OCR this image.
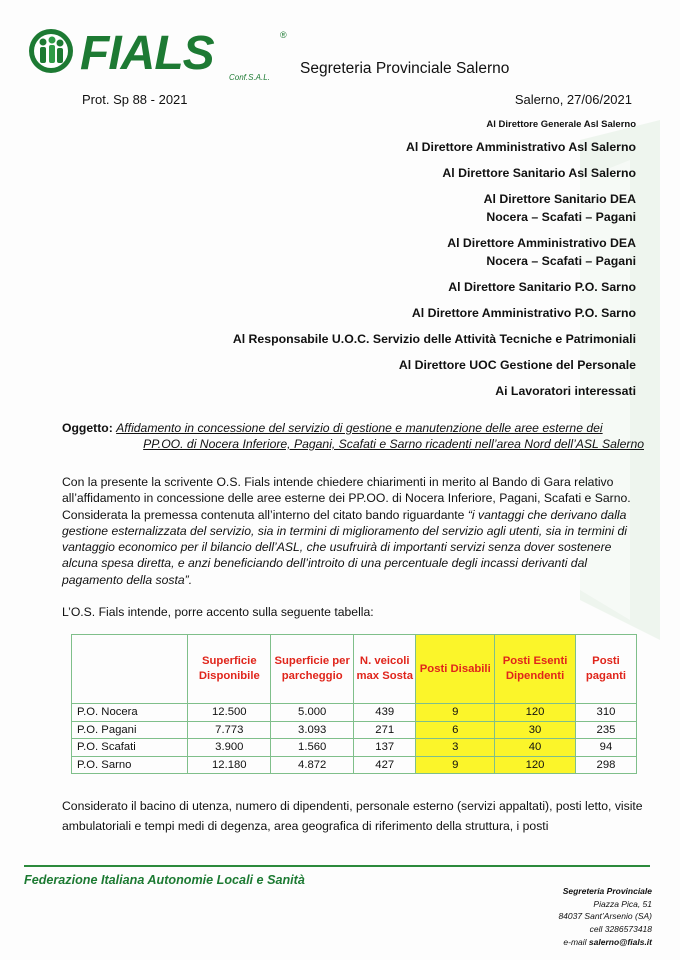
FIALS	®
Conf.S.A.L.
Segreteria Provinciale Salerno
Prot. Sp 88 - 2021	Salerno, 27/06/2021
Al Direttore Generale Asl Salerno
Al Direttore Amministrativo Asl Salerno
Al Direttore Sanitario Asl Salerno
Al Direttore Sanitario DEA
Nocera – Scafati – Pagani
Al Direttore Amministrativo DEA
Nocera – Scafati – Pagani
Al Direttore Sanitario P.O. Sarno
Al Direttore Amministrativo P.O. Sarno
Al Responsabile U.O.C. Servizio delle Attività Tecniche e Patrimoniali
Al Direttore UOC Gestione del Personale
Ai Lavoratori interessati
Oggetto: Affidamento in concessione del servizio di gestione e manutenzione delle aree esterne dei
PP.OO. di Nocera Inferiore, Pagani, Scafati e Sarno ricadenti nell’area Nord dell’ASL Salerno
Con la presente la scrivente O.S. Fials intende chiedere chiarimenti in merito al Bando di Gara relativo all’affidamento in concessione delle aree esterne dei PP.OO. di Nocera Inferiore, Pagani, Scafati e Sarno. Considerata la premessa contenuta all’interno del citato bando riguardante “i vantaggi che derivano dalla gestione esternalizzata del servizio, sia in termini di miglioramento del servizio agli utenti, sia in termini di vantaggio economico per il bilancio dell’ASL, che usufruirà di importanti servizi senza dover sostenere alcuna spesa diretta, e anzi beneficiando dell’introito di una percentuale degli incassi derivanti dal pagamento della sosta”.
L’O.S. Fials intende, porre accento sulla seguente tabella:
	Superficie Disponibile	Superficie per parcheggio	N. veicoli max Sosta	Posti Disabili	Posti Esenti Dipendenti	Posti paganti
P.O. Nocera	12.500	5.000	439	9	120	310
P.O. Pagani	7.773	3.093	271	6	30	235
P.O. Scafati	3.900	1.560	137	3	40	94
P.O. Sarno	12.180	4.872	427	9	120	298
Considerato il bacino di utenza, numero di dipendenti, personale esterno (servizi appaltati), posti letto, visite ambulatoriali e tempi medi di degenza, area geografica di riferimento della struttura, i posti
Federazione Italiana Autonomie Locali e Sanità
Segreteria Provinciale
Piazza Pica, 51
84037 Sant’Arsenio (SA)
cell 3286573418
e-mail salerno@fials.it
